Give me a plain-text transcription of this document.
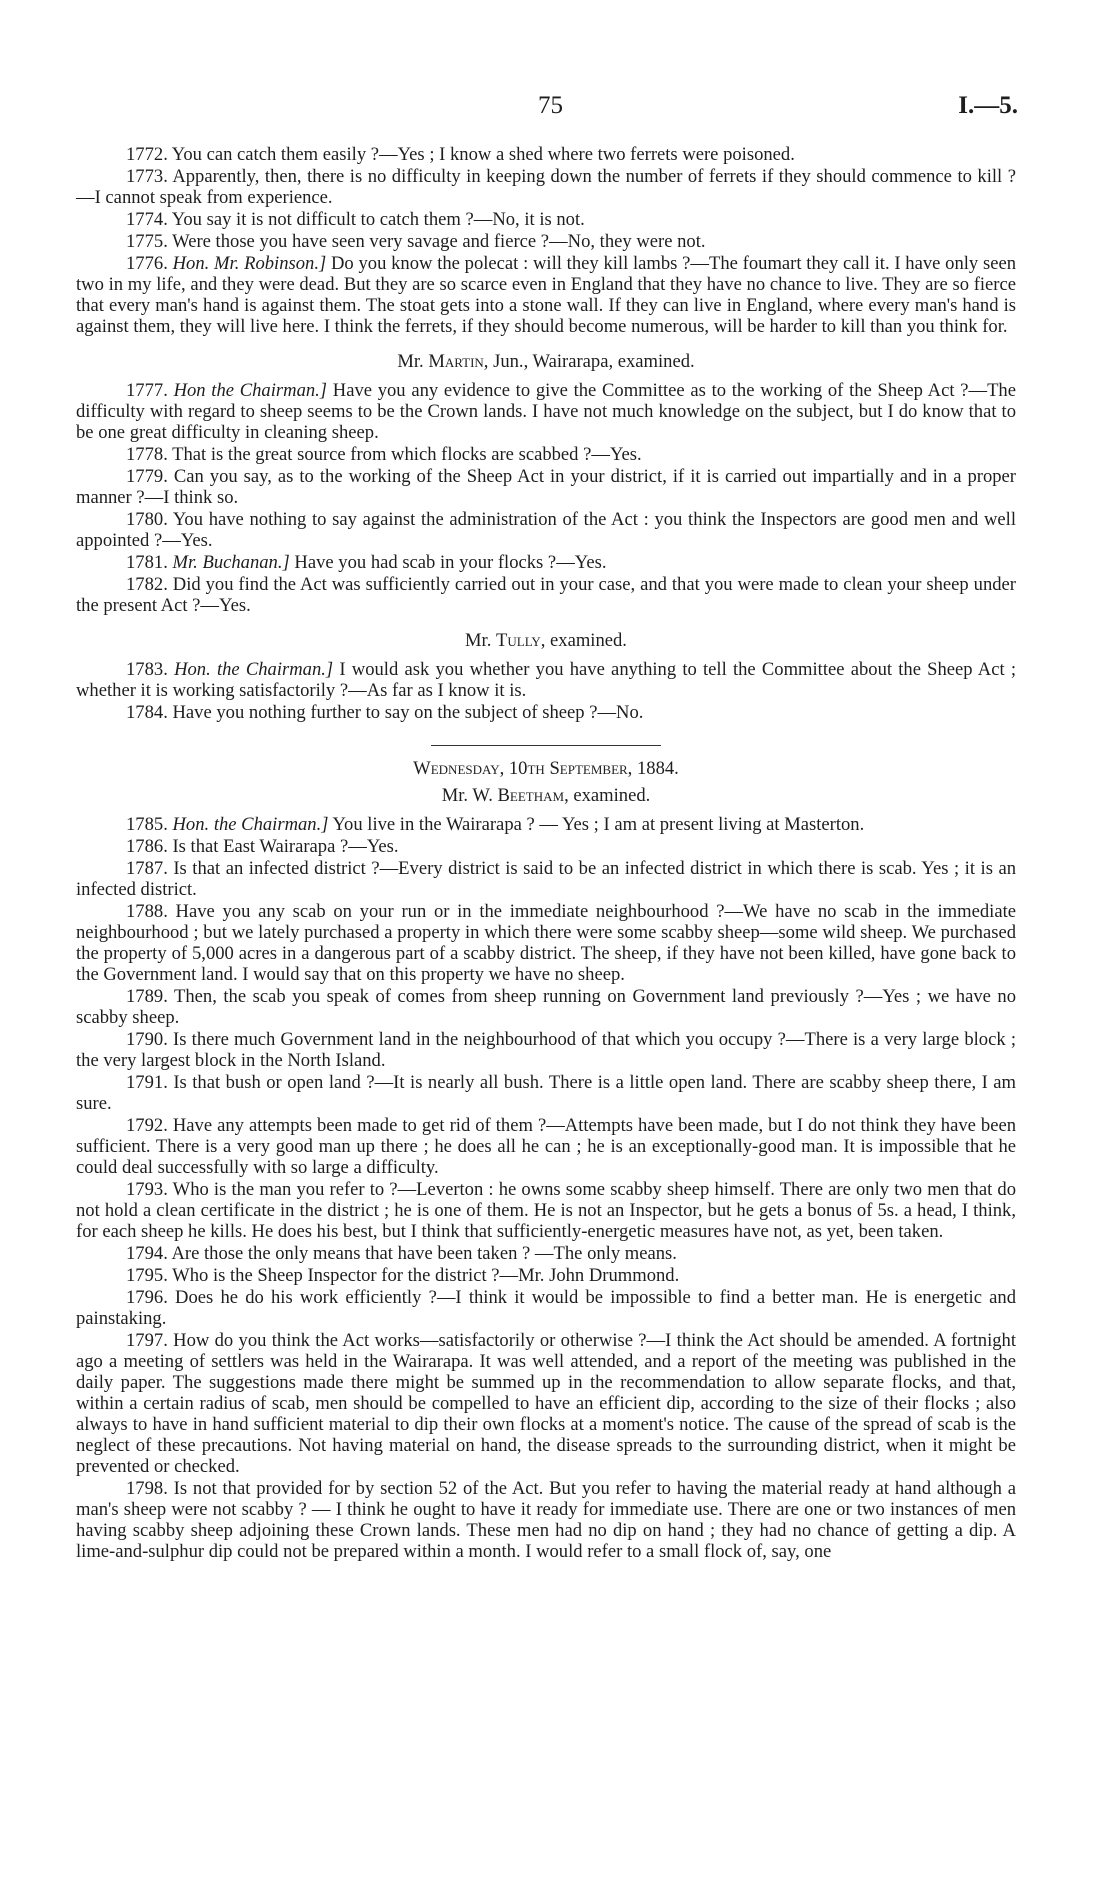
75	I.—5.

1772. You can catch them easily ?—Yes ; I know a shed where two ferrets were poisoned.

1773. Apparently, then, there is no difficulty in keeping down the number of ferrets if they should commence to kill ?—I cannot speak from experience.

1774. You say it is not difficult to catch them ?—No, it is not.

1775. Were those you have seen very savage and fierce ?—No, they were not.

1776. Hon. Mr. Robinson.] Do you know the polecat : will they kill lambs ?—The foumart they call it. I have only seen two in my life, and they were dead. But they are so scarce even in England that they have no chance to live. They are so fierce that every man's hand is against them. The stoat gets into a stone wall. If they can live in England, where every man's hand is against them, they will live here. I think the ferrets, if they should become numerous, will be harder to kill than you think for.

Mr. Martin, Jun., Wairarapa, examined.

1777. Hon the Chairman.] Have you any evidence to give the Committee as to the working of the Sheep Act ?—The difficulty with regard to sheep seems to be the Crown lands. I have not much knowledge on the subject, but I do know that to be one great difficulty in cleaning sheep.

1778. That is the great source from which flocks are scabbed ?—Yes.

1779. Can you say, as to the working of the Sheep Act in your district, if it is carried out impartially and in a proper manner ?—I think so.

1780. You have nothing to say against the administration of the Act : you think the Inspectors are good men and well appointed ?—Yes.

1781. Mr. Buchanan.] Have you had scab in your flocks ?—Yes.

1782. Did you find the Act was sufficiently carried out in your case, and that you were made to clean your sheep under the present Act ?—Yes.

Mr. Tully, examined.

1783. Hon. the Chairman.] I would ask you whether you have anything to tell the Committee about the Sheep Act ; whether it is working satisfactorily ?—As far as I know it is.

1784. Have you nothing further to say on the subject of sheep ?—No.

Wednesday, 10th September, 1884.
Mr. W. Beetham, examined.

1785. Hon. the Chairman.] You live in the Wairarapa ? — Yes ; I am at present living at Masterton.

1786. Is that East Wairarapa ?—Yes.

1787. Is that an infected district ?—Every district is said to be an infected district in which there is scab. Yes ; it is an infected district.

1788. Have you any scab on your run or in the immediate neighbourhood ?—We have no scab in the immediate neighbourhood ; but we lately purchased a property in which there were some scabby sheep—some wild sheep. We purchased the property of 5,000 acres in a dangerous part of a scabby district. The sheep, if they have not been killed, have gone back to the Government land. I would say that on this property we have no sheep.

1789. Then, the scab you speak of comes from sheep running on Government land previously ?—Yes ; we have no scabby sheep.

1790. Is there much Government land in the neighbourhood of that which you occupy ?—There is a very large block ; the very largest block in the North Island.

1791. Is that bush or open land ?—It is nearly all bush. There is a little open land. There are scabby sheep there, I am sure.

1792. Have any attempts been made to get rid of them ?—Attempts have been made, but I do not think they have been sufficient. There is a very good man up there ; he does all he can ; he is an exceptionally-good man. It is impossible that he could deal successfully with so large a difficulty.

1793. Who is the man you refer to ?—Leverton : he owns some scabby sheep himself. There are only two men that do not hold a clean certificate in the district ; he is one of them. He is not an Inspector, but he gets a bonus of 5s. a head, I think, for each sheep he kills. He does his best, but I think that sufficiently-energetic measures have not, as yet, been taken.

1794. Are those the only means that have been taken ? —The only means.

1795. Who is the Sheep Inspector for the district ?—Mr. John Drummond.

1796. Does he do his work efficiently ?—I think it would be impossible to find a better man. He is energetic and painstaking.

1797. How do you think the Act works—satisfactorily or otherwise ?—I think the Act should be amended. A fortnight ago a meeting of settlers was held in the Wairarapa. It was well attended, and a report of the meeting was published in the daily paper. The suggestions made there might be summed up in the recommendation to allow separate flocks, and that, within a certain radius of scab, men should be compelled to have an efficient dip, according to the size of their flocks ; also always to have in hand sufficient material to dip their own flocks at a moment's notice. The cause of the spread of scab is the neglect of these precautions. Not having material on hand, the disease spreads to the surrounding district, when it might be prevented or checked.

1798. Is not that provided for by section 52 of the Act. But you refer to having the material ready at hand although a man's sheep were not scabby ? — I think he ought to have it ready for immediate use. There are one or two instances of men having scabby sheep adjoining these Crown lands. These men had no dip on hand ; they had no chance of getting a dip. A lime-and-sulphur dip could not be prepared within a month. I would refer to a small flock of, say, one
